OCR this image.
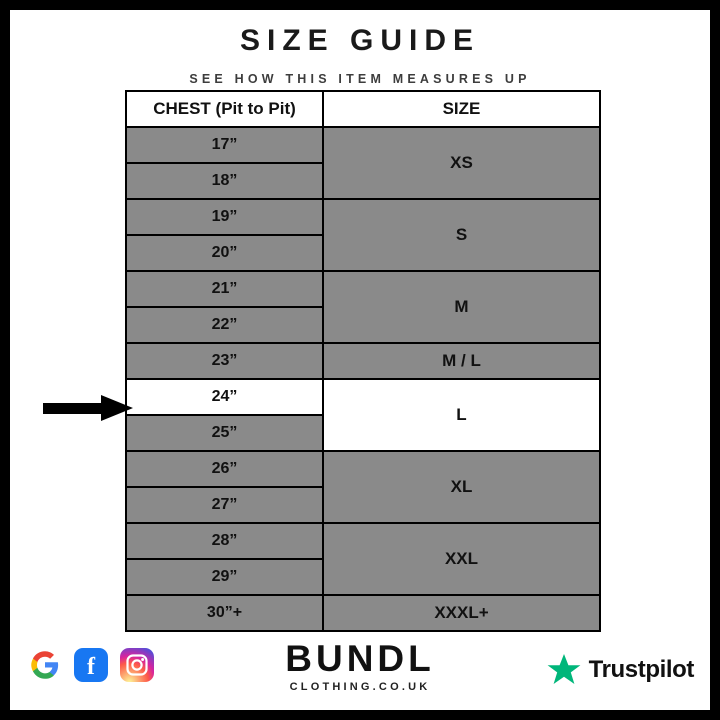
SIZE GUIDE
SEE HOW THIS ITEM MEASURES UP
CHEST (Pit to Pit)	SIZE
17”	XS
18”	
19”	S
20”	
21”	M
22”	
23”	M / L
24”	L
25”	
26”	XL
27”	
28”	XXL
29”	
30”+	XXXL+
f	BUNDL
CLOTHING.CO.UK
Trustpilot
